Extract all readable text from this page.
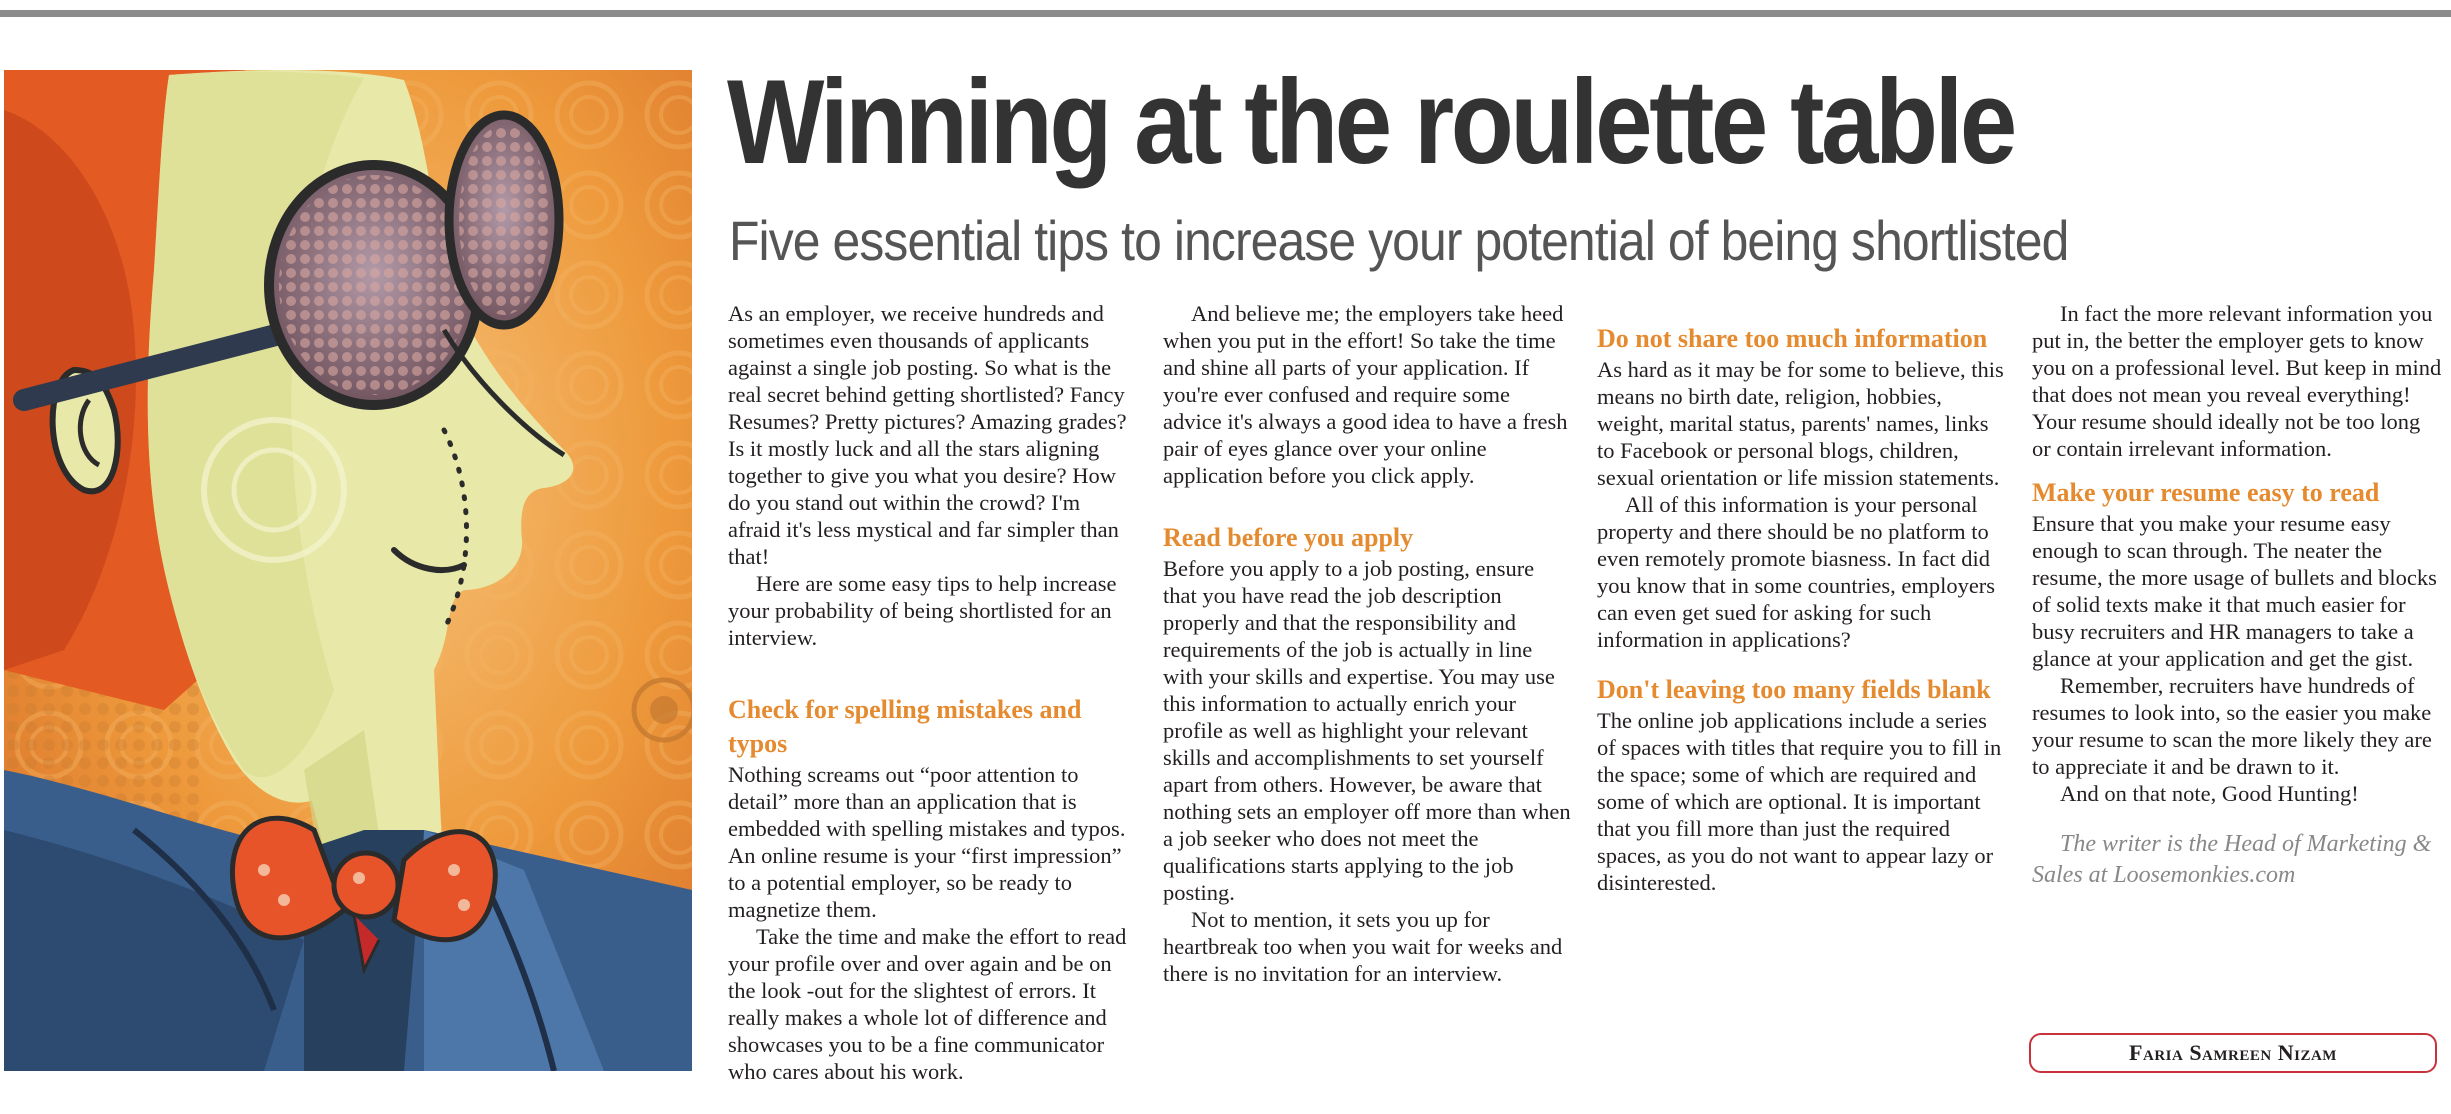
Winning at the roulette table
Five essential tips to increase your potential of being shortlisted

As an employer, we receive hundreds and sometimes even thousands of applicants against a single job posting. So what is the real secret behind getting shortlisted? Fancy Resumes? Pretty pictures? Amazing grades? Is it mostly luck and all the stars aligning together to give you what you desire? How do you stand out within the crowd? I'm afraid it's less mystical and far simpler than that!

Here are some easy tips to help increase your probability of being shortlisted for an interview.

Check for spelling mistakes and typos

Nothing screams out “poor attention to detail” more than an application that is embedded with spelling mistakes and typos. An online resume is your “first impression” to a potential employer, so be ready to magnetize them.

Take the time and make the effort to read your profile over and over again and be on the look -out for the slightest of errors. It really makes a whole lot of difference and showcases you to be a fine communicator who cares about his work.

And believe me; the employers take heed when you put in the effort! So take the time and shine all parts of your application. If you're ever confused and require some advice it's always a good idea to have a fresh pair of eyes glance over your online application before you click apply.

Read before you apply

Before you apply to a job posting, ensure that you have read the job description properly and that the responsibility and requirements of the job is actually in line with your skills and expertise. You may use this information to actually enrich your profile as well as highlight your relevant skills and accomplishments to set yourself apart from others. However, be aware that nothing sets an employer off more than when a job seeker who does not meet the qualifications starts applying to the job posting.

Not to mention, it sets you up for heartbreak too when you wait for weeks and there is no invitation for an interview.

Do not share too much information

As hard as it may be for some to believe, this means no birth date, religion, hobbies, weight, marital status, parents' names, links to Facebook or personal blogs, children, sexual orientation or life mission statements.

All of this information is your personal property and there should be no platform to even remotely promote biasness. In fact did you know that in some countries, employers can even get sued for asking for such information in applications?

Don't leaving too many fields blank

The online job applications include a series of spaces with titles that require you to fill in the space; some of which are required and some of which are optional. It is important that you fill more than just the required spaces, as you do not want to appear lazy or disinterested.

In fact the more relevant information you put in, the better the employer gets to know you on a professional level. But keep in mind that does not mean you reveal everything! Your resume should ideally not be too long or contain irrelevant information.

Make your resume easy to read

Ensure that you make your resume easy enough to scan through. The neater the resume, the more usage of bullets and blocks of solid texts make it that much easier for busy recruiters and HR managers to take a glance at your application and get the gist.

Remember, recruiters have hundreds of resumes to look into, so the easier you make your resume to scan the more likely they are to appreciate it and be drawn to it.

And on that note, Good Hunting!

The writer is the Head of Marketing & Sales at Loosemonkies.com

Faria Samreen Nizam
